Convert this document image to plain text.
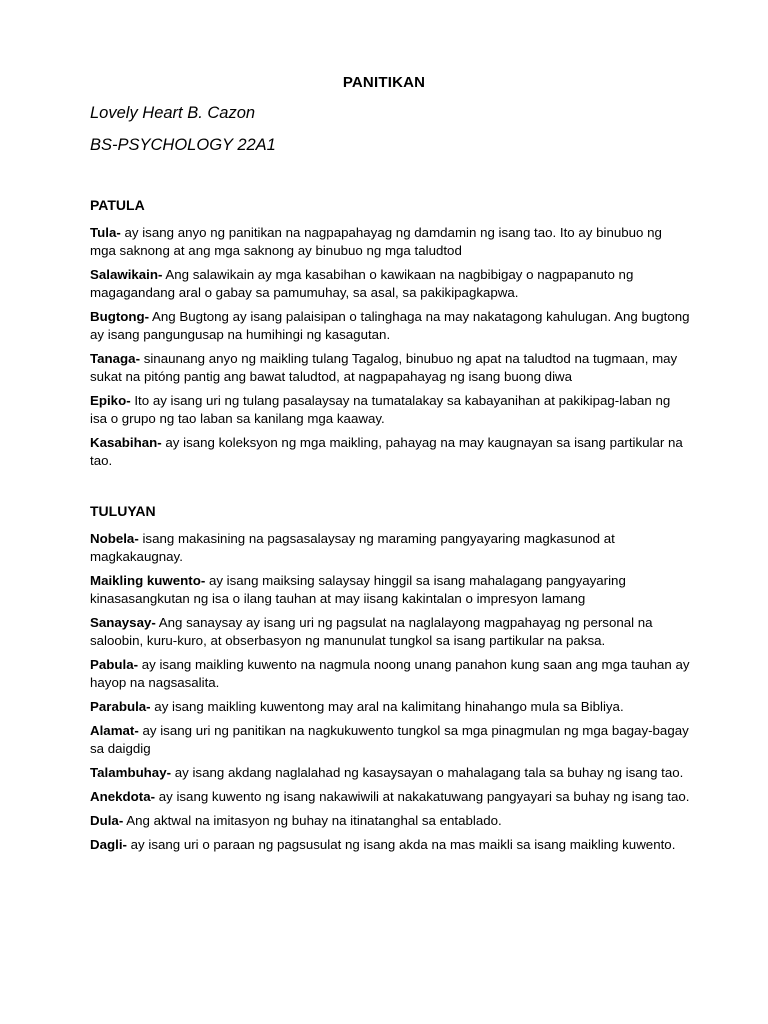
PANITIKAN
Lovely Heart B. Cazon
BS-PSYCHOLOGY 22A1
PATULA
Tula- ay isang anyo ng panitikan na nagpapahayag ng damdamin ng isang tao. Ito ay binubuo ng mga saknong at ang mga saknong ay binubuo ng mga taludtod
Salawikain- Ang salawikain ay mga kasabihan o kawikaan na nagbibigay o nagpapanuto ng magagandang aral o gabay sa pamumuhay, sa asal, sa pakikipagkapwa.
Bugtong- Ang Bugtong ay isang palaisipan o talinghaga na may nakatagong kahulugan. Ang bugtong ay isang pangungusap na humihingi ng kasagutan.
Tanaga- sinaunang anyo ng maikling tulang Tagalog, binubuo ng apat na taludtod na tugmaan, may sukat na pitóng pantig ang bawat taludtod, at nagpapahayag ng isang buong diwa
Epiko- Ito ay isang uri ng tulang pasalaysay na tumatalakay sa kabayanihan at pakikipag-laban ng isa o grupo ng tao laban sa kanilang mga kaaway.
Kasabihan- ay isang koleksyon ng mga maikling, pahayag na may kaugnayan sa isang partikular na tao.
TULUYAN
Nobela- isang makasining na pagsasalaysay ng maraming pangyayaring magkasunod at magkakaugnay.
Maikling kuwento- ay isang maiksing salaysay hinggil sa isang mahalagang pangyayaring kinasasangkutan ng isa o ilang tauhan at may iisang kakintalan o impresyon lamang
Sanaysay- Ang sanaysay ay isang uri ng pagsulat na naglalayong magpahayag ng personal na saloobin, kuru-kuro, at obserbasyon ng manunulat tungkol sa isang partikular na paksa.
Pabula- ay isang maikling kuwento na nagmula noong unang panahon kung saan ang mga tauhan ay hayop na nagsasalita.
Parabula- ay isang maikling kuwentong may aral na kalimitang hinahango mula sa Bibliya.
Alamat- ay isang uri ng panitikan na nagkukuwento tungkol sa mga pinagmulan ng mga bagay-bagay sa daigdig
Talambuhay- ay isang akdang naglalahad ng kasaysayan o mahalagang tala sa buhay ng isang tao.
Anekdota- ay isang kuwento ng isang nakawiwili at nakakatuwang pangyayari sa buhay ng isang tao.
Dula- Ang aktwal na imitasyon ng buhay na itinatanghal sa entablado.
Dagli- ay isang uri o paraan ng pagsusulat ng isang akda na mas maikli sa isang maikling kuwento.
